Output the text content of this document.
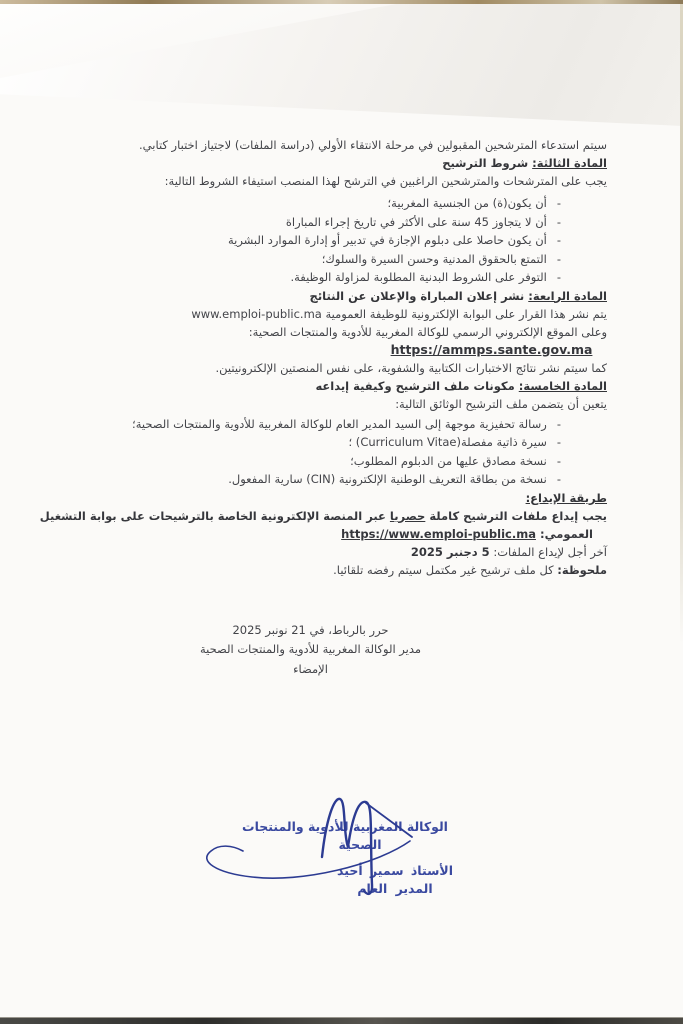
سيتم استدعاء المترشحين المقبولين في مرحلة الانتقاء الأولي (دراسة الملفات) لاجتياز اختبار كتابي.

المادة الثالثة: شروط الترشيح

يجب على المترشحات والمترشحين الراغبين في الترشح لهذا المنصب استيفاء الشروط التالية:

-
أن يكون(ة) من الجنسية المغربية؛
-
أن لا يتجاوز 45 سنة على الأكثر في تاريخ إجراء المباراة
-
أن يكون حاصلا على دبلوم الإجازة في تدبير أو إدارة الموارد البشرية
-
التمتع بالحقوق المدنية وحسن السيرة والسلوك؛
-
التوفر على الشروط البدنية المطلوبة لمزاولة الوظيفة.

المادة الرابعة: نشر إعلان المباراة والإعلان عن النتائج

يتم نشر هذا القرار على البوابة الإلكترونية للوظيفة العمومية www.emploi-public.ma

وعلى الموقع الإلكتروني الرسمي للوكالة المغربية للأدوية والمنتجات الصحية:

https://ammps.sante.gov.ma

كما سيتم نشر نتائج الاختبارات الكتابية والشفوية، على نفس المنصتين الإلكترونيتين.

المادة الخامسة: مكونات ملف الترشيح وكيفية إيداعه

يتعين أن يتضمن ملف الترشيح الوثائق التالية:

-
رسالة تحفيزية موجهة إلى السيد المدير العام للوكالة المغربية للأدوية والمنتجات الصحية؛
-
سيرة ذاتية مفصلة(Curriculum Vitae) ؛
-
نسخة مصادق عليها من الدبلوم المطلوب؛
-
نسخة من بطاقة التعريف الوطنية الإلكترونية (CIN) سارية المفعول.

طريقة الإيداع:

يجب إيداع ملفات الترشيح كاملة حصريا عبر المنصة الإلكترونية الخاصة بالترشيحات على بوابة التشغيل

العمومي: https://www.emploi-public.ma

آخر أجل لإيداع الملفات: 5 دجنبر 2025

ملحوظة: كل ملف ترشيح غير مكتمل سيتم رفضه تلقائيا.

حرر بالرباط، في 21 نونبر 2025

مدير الوكالة المغربية للأدوية والمنتجات الصحية

الإمضاء

الوكالة المغربية للأدوية والمنتجات
الصحية
الأستاذ سمير أحيد
المدير العام
